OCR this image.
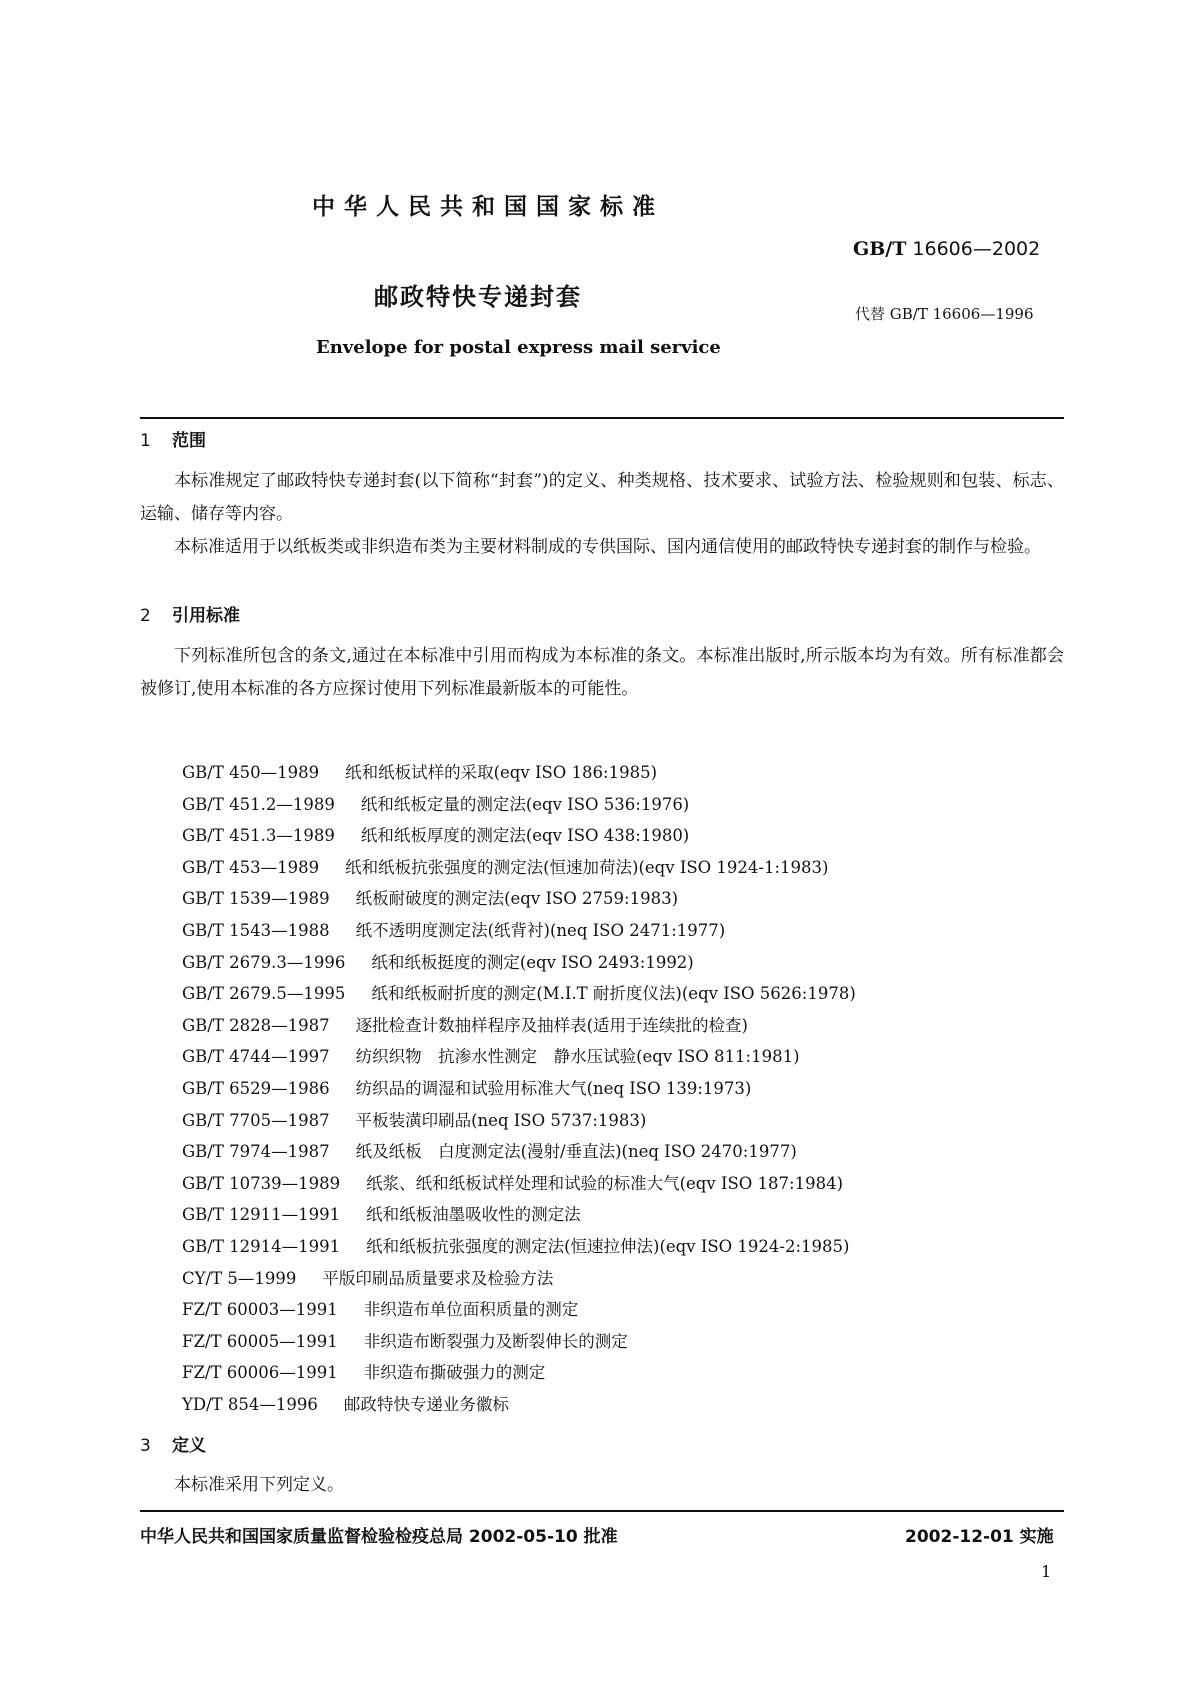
中华人民共和国国家标准
GB/T 16606—2002
邮政特快专递封套
代替 GB/T 16606—1996
Envelope for postal express mail service
1 范围
本标准规定了邮政特快专递封套(以下简称“封套”)的定义、种类规格、技术要求、试验方法、检验规则和包装、标志、运输、储存等内容。
本标准适用于以纸板类或非织造布类为主要材料制成的专供国际、国内通信使用的邮政特快专递封套的制作与检验。
2 引用标准
下列标准所包含的条文,通过在本标准中引用而构成为本标准的条文。本标准出版时,所示版本均为有效。所有标准都会被修订,使用本标准的各方应探讨使用下列标准最新版本的可能性。
GB/T 450—1989 纸和纸板试样的采取(eqv ISO 186:1985)
GB/T 451.2—1989 纸和纸板定量的测定法(eqv ISO 536:1976)
GB/T 451.3—1989 纸和纸板厚度的测定法(eqv ISO 438:1980)
GB/T 453—1989 纸和纸板抗张强度的测定法(恒速加荷法)(eqv ISO 1924-1:1983)
GB/T 1539—1989 纸板耐破度的测定法(eqv ISO 2759:1983)
GB/T 1543—1988 纸不透明度测定法(纸背衬)(neq ISO 2471:1977)
GB/T 2679.3—1996 纸和纸板挺度的测定(eqv ISO 2493:1992)
GB/T 2679.5—1995 纸和纸板耐折度的测定(M.I.T 耐折度仪法)(eqv ISO 5626:1978)
GB/T 2828—1987 逐批检查计数抽样程序及抽样表(适用于连续批的检查)
GB/T 4744—1997 纺织织物　抗渗水性测定　静水压试验(eqv ISO 811:1981)
GB/T 6529—1986 纺织品的调湿和试验用标准大气(neq ISO 139:1973)
GB/T 7705—1987 平板装潢印刷品(neq ISO 5737:1983)
GB/T 7974—1987 纸及纸板　白度测定法(漫射/垂直法)(neq ISO 2470:1977)
GB/T 10739—1989 纸浆、纸和纸板试样处理和试验的标准大气(eqv ISO 187:1984)
GB/T 12911—1991 纸和纸板油墨吸收性的测定法
GB/T 12914—1991 纸和纸板抗张强度的测定法(恒速拉伸法)(eqv ISO 1924-2:1985)
CY/T 5—1999 平版印刷品质量要求及检验方法
FZ/T 60003—1991 非织造布单位面积质量的测定
FZ/T 60005—1991 非织造布断裂强力及断裂伸长的测定
FZ/T 60006—1991 非织造布撕破强力的测定
YD/T 854—1996 邮政特快专递业务徽标
3 定义
本标准采用下列定义。
中华人民共和国国家质量监督检验检疫总局 2002-05-10 批准	2002-12-01 实施
1
